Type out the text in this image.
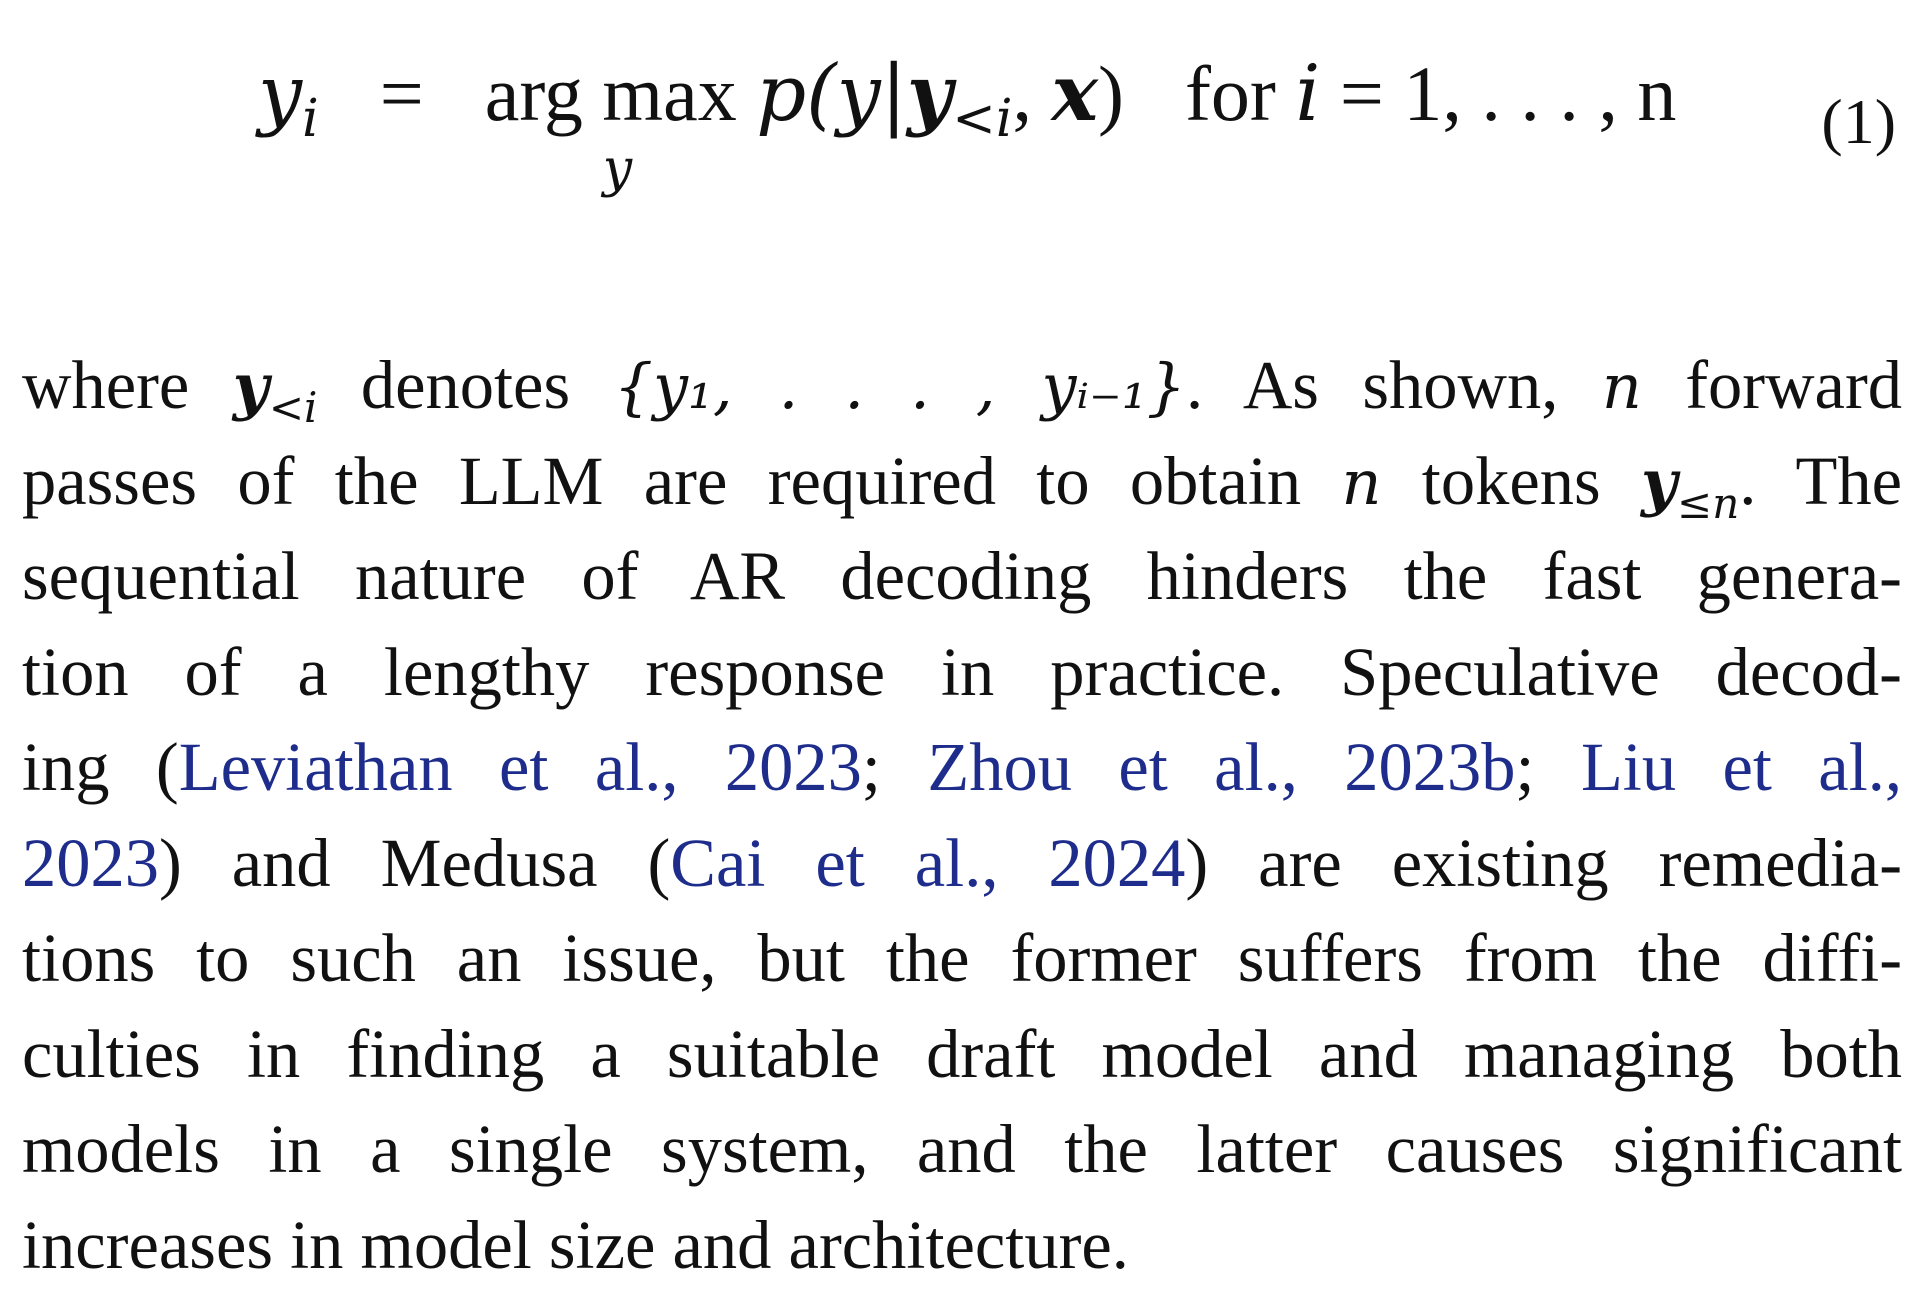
$y_i$ = arg max
y
$p(y|y_{<i}$, x) for i = 1, . . . , n (1)
where $y_{<i}$ denotes {y₁, . . . , yᵢ₋₁}. As shown, n forward
passes of the LLM are required to obtain n tokens $y_{\le n}$. The
sequential nature of AR decoding hinders the fast genera-
tion of a lengthy response in practice. Speculative decod-
ing (Leviathan et al., 2023; Zhou et al., 2023b; Liu et al.,
2023) and Medusa (Cai et al., 2024) are existing remedia-
tions to such an issue, but the former suffers from the diffi-
culties in finding a suitable draft model and managing both
models in a single system, and the latter causes significant
increases in model size and architecture.
